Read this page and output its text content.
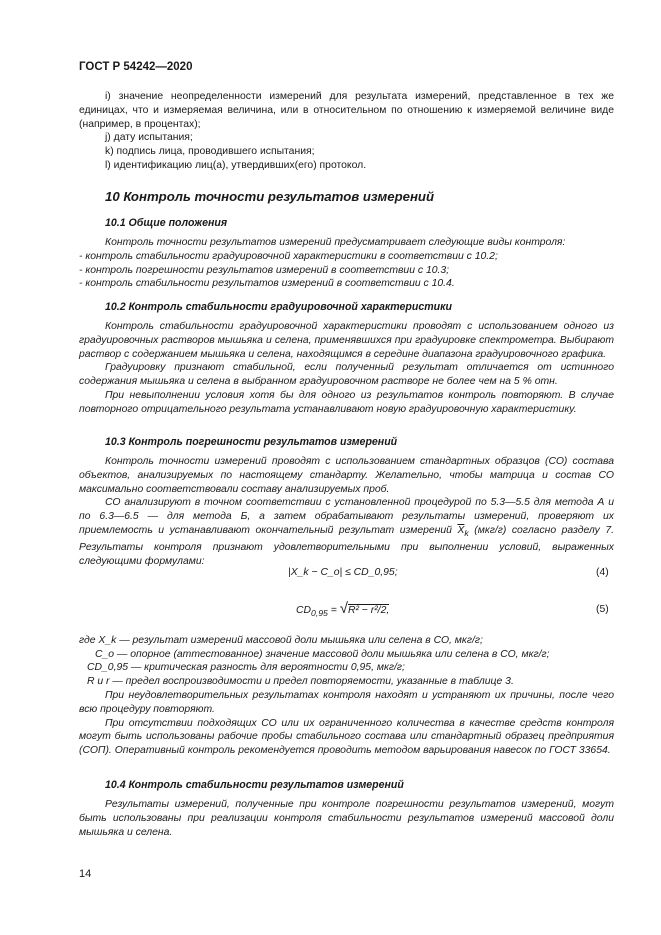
ГОСТ Р 54242—2020

i) значение неопределенности измерений для результата измерений, представленное в тех же единицах, что и измеряемая величина, или в относительном по отношению к измеряемой величине виде (например, в процентах);

j) дату испытания;

k) подпись лица, проводившего испытания;

l) идентификацию лиц(а), утвердивших(его) протокол.

10 Контроль точности результатов измерений
10.1 Общие положения

Контроль точности результатов измерений предусматривает следующие виды контроля:

- контроль стабильности градуировочной характеристики в соответствии с 10.2;

- контроль погрешности результатов измерений в соответствии с 10.3;

- контроль стабильности результатов измерений в соответствии с 10.4.

10.2 Контроль стабильности градуировочной характеристики

Контроль стабильности градуировочной характеристики проводят с использованием одного из градуировочных растворов мышьяка и селена, применявшихся при градуировке спектрометра. Выбирают раствор с содержанием мышьяка и селена, находящимся в середине диапазона градуировочного графика.

Градуировку признают стабильной, если полученный результат отличается от истинного содержания мышьяка и селена в выбранном градуировочном растворе не более чем на 5 % отн.

При невыполнении условия хотя бы для одного из результатов контроль повторяют. В случае повторного отрицательного результата устанавливают новую градуировочную характеристику.

10.3 Контроль погрешности результатов измерений

Контроль точности измерений проводят с использованием стандартных образцов (СО) состава объектов, анализируемых по настоящему стандарту. Желательно, чтобы матрица и состав СО максимально соответствовали составу анализируемых проб.

СО анализируют в точном соответствии с установленной процедурой по 5.3—5.5 для метода А и по 6.3—6.5 — для метода Б, а затем обрабатывают результаты измерений, проверяют их приемлемость и устанавливают окончательный результат измерений $\overline{X}_k$ (мкг/г) согласно разделу 7. Результаты контроля признают удовлетворительными при выполнении условий, выраженных следующими формулами:

|X_k − C_o| ≤ CD_0,95;	(4)
$CD_{0,95} = √R^2 - r^2/2$,	(5)
где X_k — результат измерений массовой доли мышьяка или селена в СО, мкг/г;
C_o — опорное (аттестованное) значение массовой доли мышьяка или селена в СО, мкг/г;
CD_0,95 — критическая разность для вероятности 0,95, мкг/г;
R и r — предел воспроизводимости и предел повторяемости, указанные в таблице 3.

При неудовлетворительных результатах контроля находят и устраняют их причины, после чего всю процедуру повторяют.

При отсутствии подходящих СО или их ограниченного количества в качестве средств контроля могут быть использованы рабочие пробы стабильного состава или стандартный образец предприятия (СОП). Оперативный контроль рекомендуется проводить методом варьирования навесок по ГОСТ 33654.

10.4 Контроль стабильности результатов измерений

Результаты измерений, полученные при контроле погрешности результатов измерений, могут быть использованы при реализации контроля стабильности результатов измерений массовой доли мышьяка и селена.

14
